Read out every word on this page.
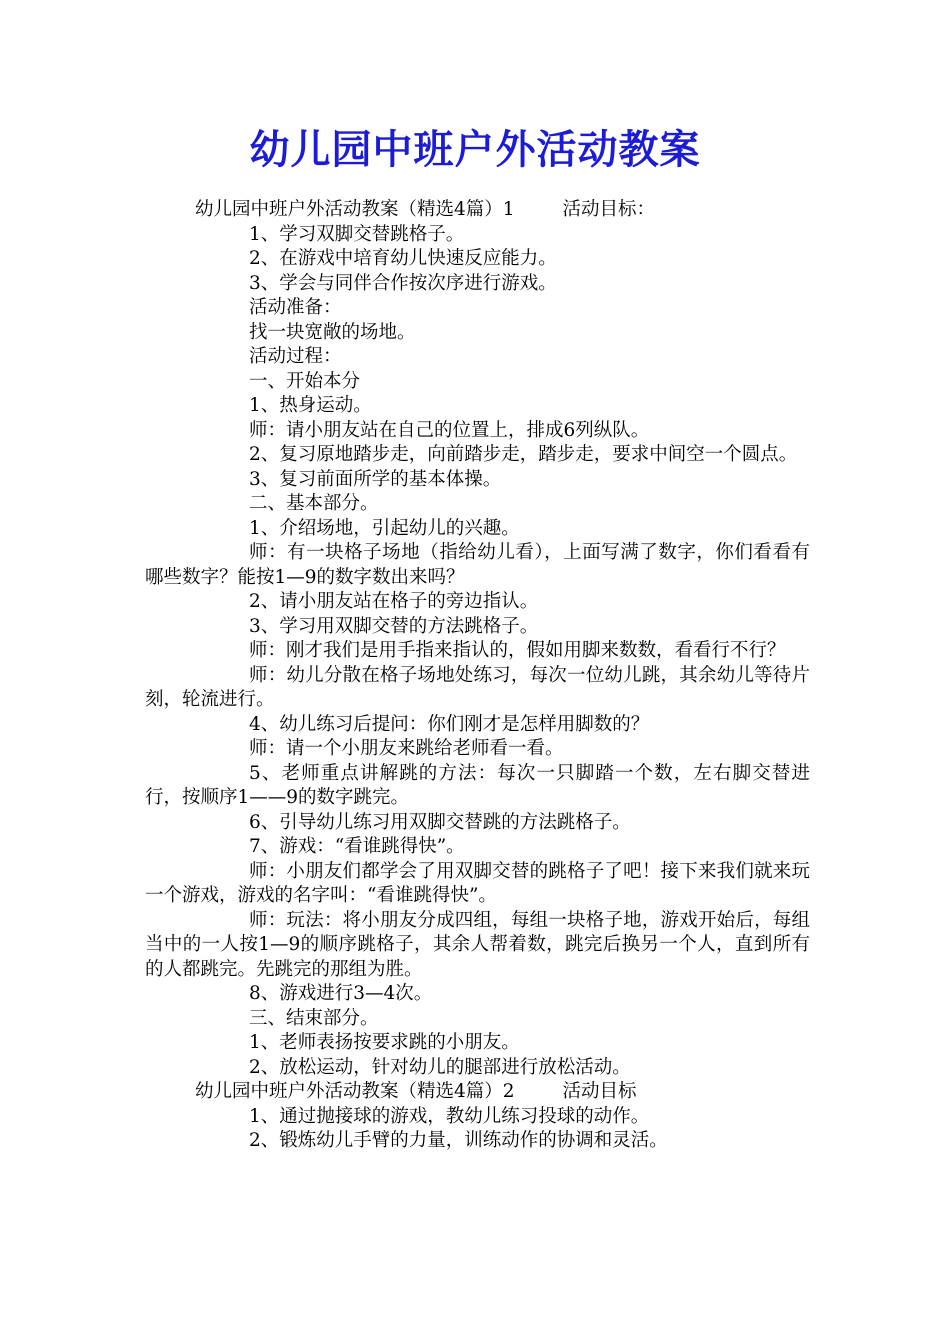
幼儿园中班户外活动教案
幼儿园中班户外活动教案（精选4篇）1	活动目标：
1、学习双脚交替跳格子。
2、在游戏中培育幼儿快速反应能力。
3、学会与同伴合作按次序进行游戏。
活动准备：
找一块宽敞的场地。
活动过程：
一、开始本分
1、热身运动。
师：请小朋友站在自己的位置上，排成6列纵队。
2、复习原地踏步走，向前踏步走，踏步走，要求中间空一个圆点。
3、复习前面所学的基本体操。
二、基本部分。
1、介绍场地，引起幼儿的兴趣。
师：有一块格子场地（指给幼儿看），上面写满了数字，你们看看有哪些数字？能按1—9的数字数出来吗？
2、请小朋友站在格子的旁边指认。
3、学习用双脚交替的方法跳格子。
师：刚才我们是用手指来指认的，假如用脚来数数，看看行不行？
师：幼儿分散在格子场地处练习，每次一位幼儿跳，其余幼儿等待片刻，轮流进行。
4、幼儿练习后提问：你们刚才是怎样用脚数的？
师：请一个小朋友来跳给老师看一看。
5、老师重点讲解跳的方法：每次一只脚踏一个数，左右脚交替进行，按顺序1——9的数字跳完。
6、引导幼儿练习用双脚交替跳的方法跳格子。
7、游戏：“看谁跳得快”。
师：小朋友们都学会了用双脚交替的跳格子了吧！接下来我们就来玩一个游戏，游戏的名字叫：“看谁跳得快”。
师：玩法：将小朋友分成四组，每组一块格子地，游戏开始后，每组当中的一人按1—9的顺序跳格子，其余人帮着数，跳完后换另一个人，直到所有的人都跳完。先跳完的那组为胜。
8、游戏进行3—4次。
三、结束部分。
1、老师表扬按要求跳的小朋友。
2、放松运动，针对幼儿的腿部进行放松活动。
幼儿园中班户外活动教案（精选4篇）2	活动目标
1、通过抛接球的游戏，教幼儿练习投球的动作。
2、锻炼幼儿手臂的力量，训练动作的协调和灵活。
